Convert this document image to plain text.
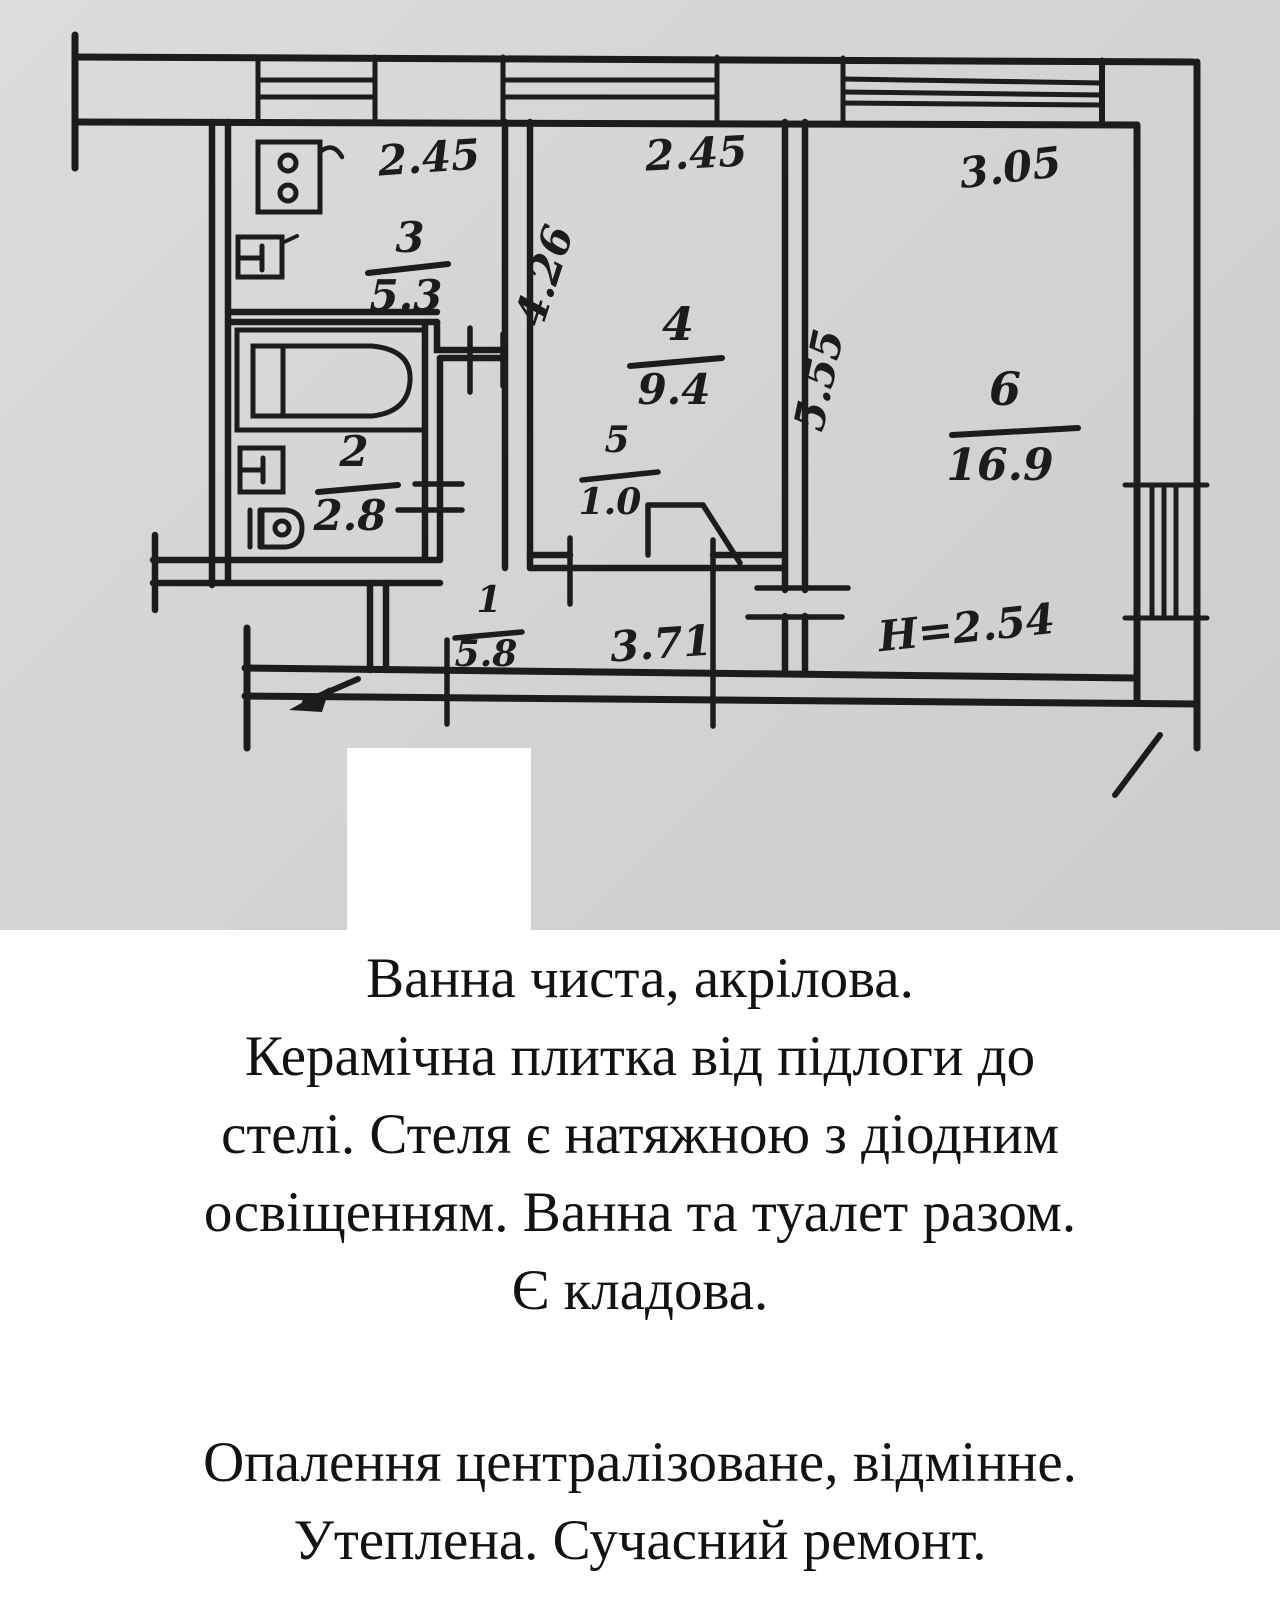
2.45	2.45	3.05
4.26
5.55
3.71	H=2.54
3
5.3
2
2.8
4
9.4
5
1.0
6
16.9
1
5.8
Ванна чиста, акрілова.
Керамічна плитка від підлоги до
стелі. Стеля є натяжною з діодним
освіщенням. Ванна та туалет разом.
Є кладова.
Опалення централізоване, відмінне.
Утеплена. Сучасний ремонт.
